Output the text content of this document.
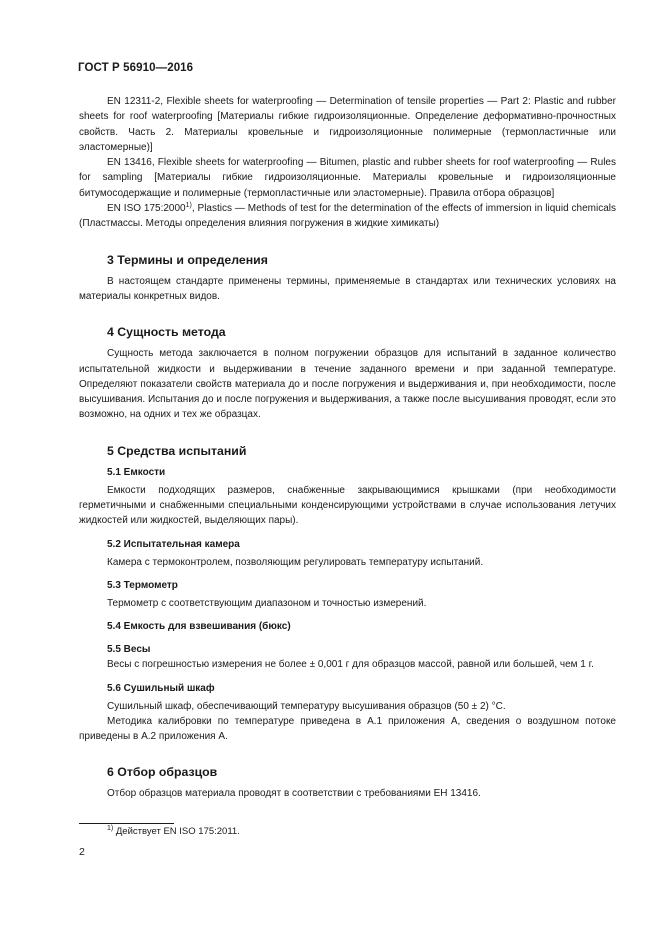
ГОСТ Р 56910—2016

EN 12311-2, Flexible sheets for waterproofing — Determination of tensile properties — Part 2: Plastic and rubber sheets for roof waterproofing [Материалы гибкие гидроизоляционные. Определение деформативно-прочностных свойств. Часть 2. Материалы кровельные и гидроизоляционные полимерные (термопластичные или эластомерные)]

EN 13416, Flexible sheets for waterproofing — Bitumen, plastic and rubber sheets for roof waterproofing — Rules for sampling [Материалы гибкие гидроизоляционные. Материалы кровельные и гидроизоляционные битумосодержащие и полимерные (термопластичные или эластомерные). Правила отбора образцов]

EN ISO 175:2000$^{1)}$, Plastics — Methods of test for the determination of the effects of immersion in liquid chemicals (Пластмассы. Методы определения влияния погружения в жидкие химикаты)

3 Термины и определения

В настоящем стандарте применены термины, применяемые в стандартах или технических условиях на материалы конкретных видов.

4 Сущность метода

Сущность метода заключается в полном погружении образцов для испытаний в заданное количество испытательной жидкости и выдерживании в течение заданного времени и при заданной температуре. Определяют показатели свойств материала до и после погружения и выдерживания и, при необходимости, после высушивания. Испытания до и после погружения и выдерживания, а также после высушивания проводят, если это возможно, на одних и тех же образцах.

5 Средства испытаний
5.1 Емкости

Емкости подходящих размеров, снабженные закрывающимися крышками (при необходимости герметичными и снабженными специальными конденсирующими устройствами в случае использования летучих жидкостей или жидкостей, выделяющих пары).

5.2 Испытательная камера

Камера с термоконтролем, позволяющим регулировать температуру испытаний.

5.3 Термометр

Термометр с соответствующим диапазоном и точностью измерений.

5.4 Емкость для взвешивания (бюкс)
5.5 Весы

Весы с погрешностью измерения не более ± 0,001 г для образцов массой, равной или большей, чем 1 г.

5.6 Сушильный шкаф

Сушильный шкаф, обеспечивающий температуру высушивания образцов (50 ± 2) °С.

Методика калибровки по температуре приведена в А.1 приложения А, сведения о воздушном потоке приведены в А.2 приложения А.

6 Отбор образцов

Отбор образцов материала проводят в соответствии с требованиями ЕН 13416.

$^{1)}$ Действует EN ISO 175:2011.
2
